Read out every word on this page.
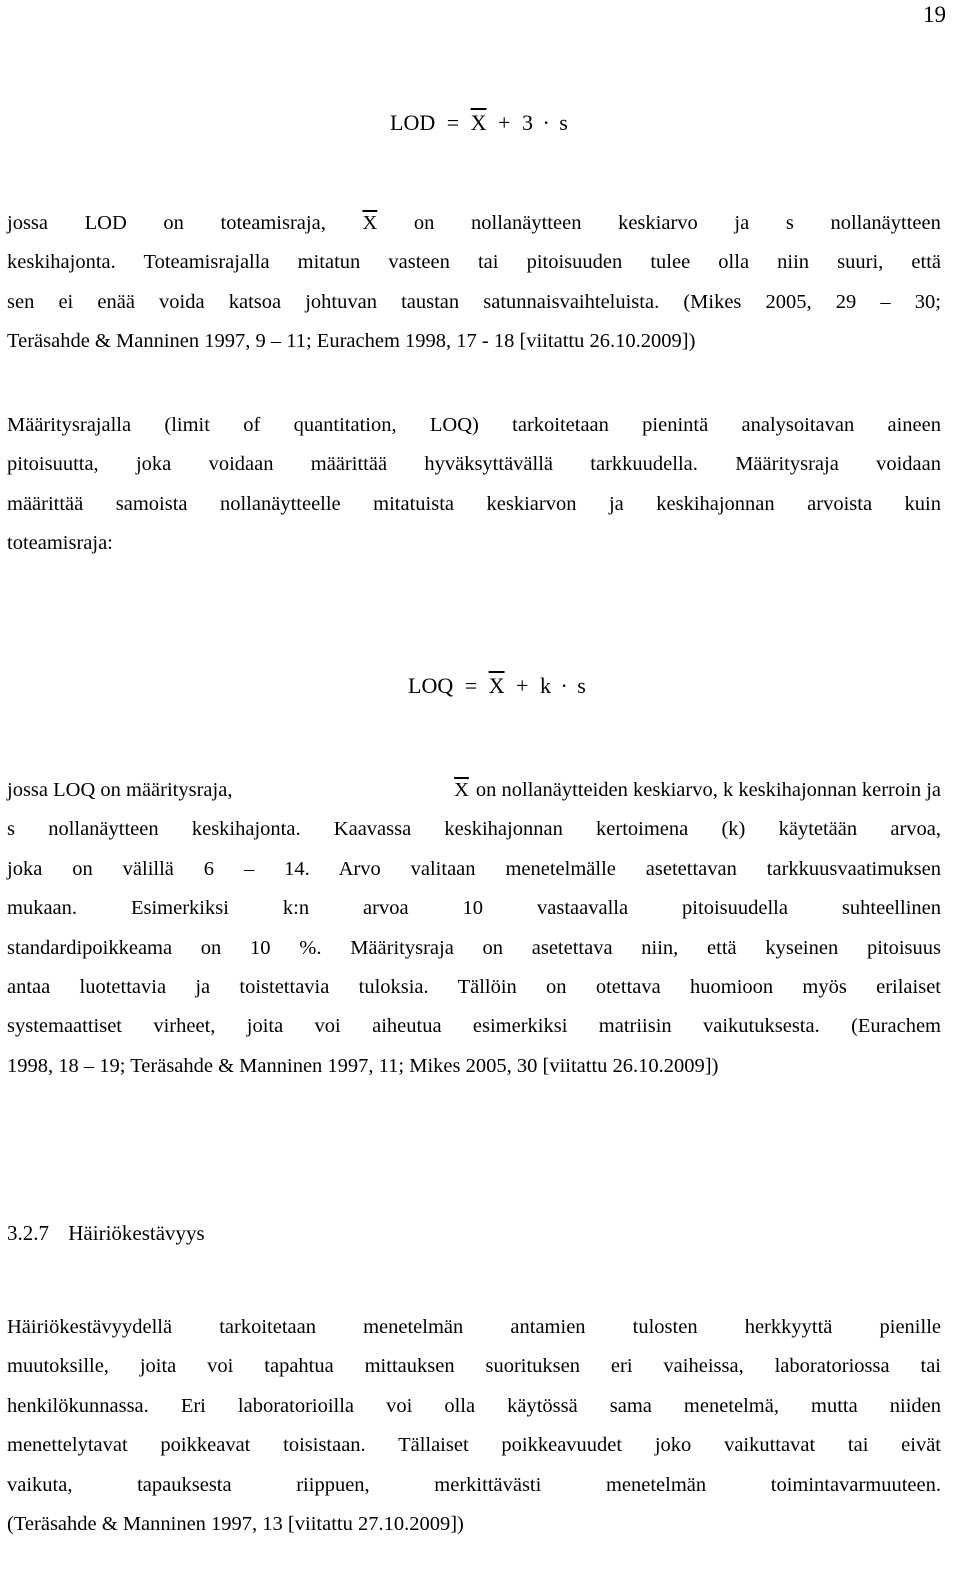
19
LOD = $\overline{X} + 3 \cdot s$
jossa LOD on toteamisraja, $\overline{X}$ on nollanäytteen keskiarvo ja s nollanäytteen
keskihajonta. Toteamisrajalla mitatun vasteen tai pitoisuuden tulee olla niin suuri, että
sen ei enää voida katsoa johtuvan taustan satunnaisvaihteluista. (Mikes 2005, 29 – 30;
Teräsahde & Manninen 1997, 9 – 11; Eurachem 1998, 17 - 18 [viitattu 26.10.2009])
Määritysrajalla (limit of quantitation, LOQ) tarkoitetaan pienintä analysoitavan aineen
pitoisuutta, joka voidaan määrittää hyväksyttävällä tarkkuudella. Määritysraja voidaan
määrittää samoista nollanäytteelle mitatuista keskiarvon ja keskihajonnan arvoista kuin
toteamisraja:
LOQ = $\overline{X} + k \cdot s$
jossa LOQ on määritysraja,	$\overline{X}$ on nollanäytteiden keskiarvo, k keskihajonnan kerroin ja
s nollanäytteen keskihajonta. Kaavassa keskihajonnan kertoimena (k) käytetään arvoa,
joka on välillä 6 – 14. Arvo valitaan menetelmälle asetettavan tarkkuusvaatimuksen
mukaan. Esimerkiksi k:n arvoa 10 vastaavalla pitoisuudella suhteellinen
standardipoikkeama on 10 %. Määritysraja on asetettava niin, että kyseinen pitoisuus
antaa luotettavia ja toistettavia tuloksia. Tällöin on otettava huomioon myös erilaiset
systemaattiset virheet, joita voi aiheutua esimerkiksi matriisin vaikutuksesta. (Eurachem
1998, 18 – 19; Teräsahde & Manninen 1997, 11; Mikes 2005, 30 [viitattu 26.10.2009])
3.2.7 Häiriökestävyys
Häiriökestävyydellä tarkoitetaan menetelmän antamien tulosten herkkyyttä pienille
muutoksille, joita voi tapahtua mittauksen suorituksen eri vaiheissa, laboratoriossa tai
henkilökunnassa. Eri laboratorioilla voi olla käytössä sama menetelmä, mutta niiden
menettelytavat poikkeavat toisistaan. Tällaiset poikkeavuudet joko vaikuttavat tai eivät
vaikuta, tapauksesta riippuen, merkittävästi menetelmän toimintavarmuuteen.
(Teräsahde & Manninen 1997, 13 [viitattu 27.10.2009])
